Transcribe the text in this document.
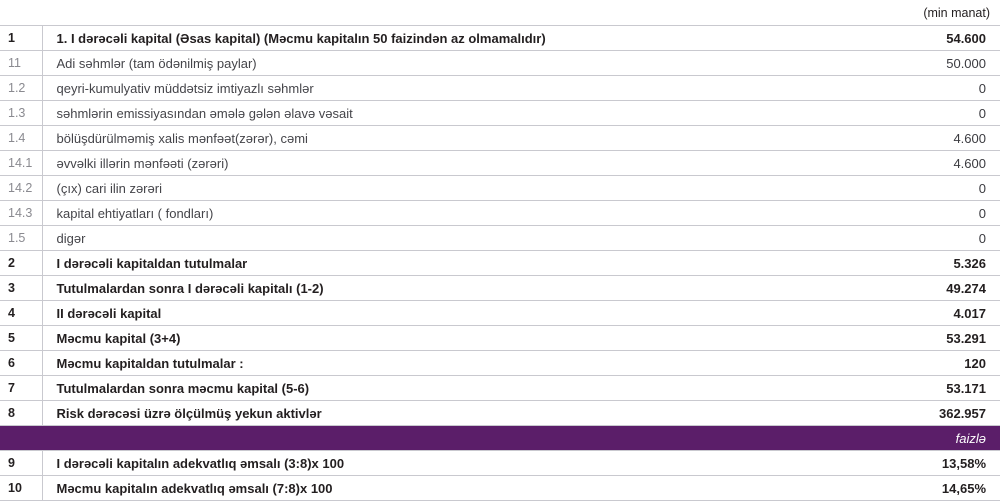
(min manat)		
1	1. I dərəcəli kapital (Əsas kapital) (Məcmu kapitalın 50 faizindən az olmamalıdır)	54.600
11	Adi səhmlər (tam ödənilmiş paylar)	50.000
1.2	qeyri-kumulyativ müddətsiz imtiyazlı səhmlər	0
1.3	səhmlərin emissiyasından əmələ gələn əlavə vəsait	0
1.4	bölüşdürülməmiş xalis mənfəət(zərər), cəmi	4.600
14.1	əvvəlki illərin mənfəəti (zərəri)	4.600
14.2	(çıx) cari ilin zərəri	0
14.3	kapital ehtiyatları ( fondları)	0
1.5	digər	0
2	I dərəcəli kapitaldan tutulmalar	5.326
3	Tutulmalardan sonra I dərəcəli kapitalı (1-2)	49.274
4	II dərəcəli kapital	4.017
5	Məcmu kapital (3+4)	53.291
6	Məcmu kapitaldan tutulmalar :	120
7	Tutulmalardan sonra məcmu kapital (5-6)	53.171
8	Risk dərəcəsi üzrə ölçülmüş yekun aktivlər	362.957
faizlə		
9	I dərəcəli kapitalın adekvatlıq əmsalı (3:8)x 100	13,58%
10	Məcmu kapitalın adekvatlıq əmsalı (7:8)x 100	14,65%
